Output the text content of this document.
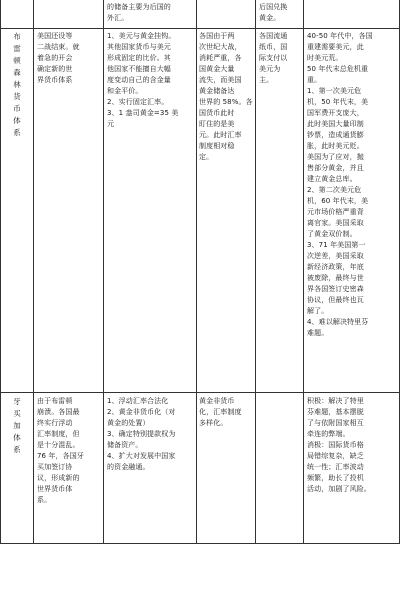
的储备主要为后国的
外汇。
后国兑换
黄金。
布
雷
顿
森
林
货
币
体
系
美国还设等
二战结束。就
着急的开会
确定新的世
界货币体系
1、美元与黄金挂钩。
其他国家货币与美元
形成固定的比价。其
他国家不能擅自大幅
度变动自己的含金量
和金平价。
2、实行固定汇率。
3、1 盎司黄金=35 美
元
各国由于两
次世纪大战，
消耗严重，各
国黄金大量
流失，而美国
黄金储备达
世界的 58%。各
国货币此时
盯住的是美
元。此时汇率
制度相对稳
定。
各国流通
纸币，国
际支付以
美元为
主。
40-50 年代中，各国
重建需要美元，此
时美元荒。
50 年代末总危机重
重。
1、第一次美元危
机，50 年代末，美
国军费开支庞大，
此时美国大量印制
钞票，造成通货膨
胀，此时美元贬。
美国为了应对，抛
售部分黄金，并且
建立黄金总库。
2、第二次美元危
机，60 年代末，美
元市场价格严重背
离官家。美国采取
了黄金双价制。
3、71 年美国第一
次逆差，美国采取
新经济政策，年底
被废除，最终与世
界各国签订史密森
协议，但最终也瓦
解了。
4、难以解决特里芬
难题。
牙
买
加
体
系
由于布雷顿
崩溃。各国最
终实行浮动
汇率制度，但
是十分混乱。
76 年，各国牙
买加签订协
议，形成新的
世界货币体
系。
1、浮动汇率合法化
2、黄金非货币化（对
黄金的处置）
3、确定特别提款权为
储备资产。
4、扩大对发展中国家
的资金融通。
黄金非货币
化，汇率制度
多样化。
积极：解决了特里
芬难题，基本摆脱
了与依附国家相互
牵连的弊端。
消极：国际货币格
局错综复杂，缺乏
统一性；汇率波动
频繁，助长了投机
活动，加剧了风险。
